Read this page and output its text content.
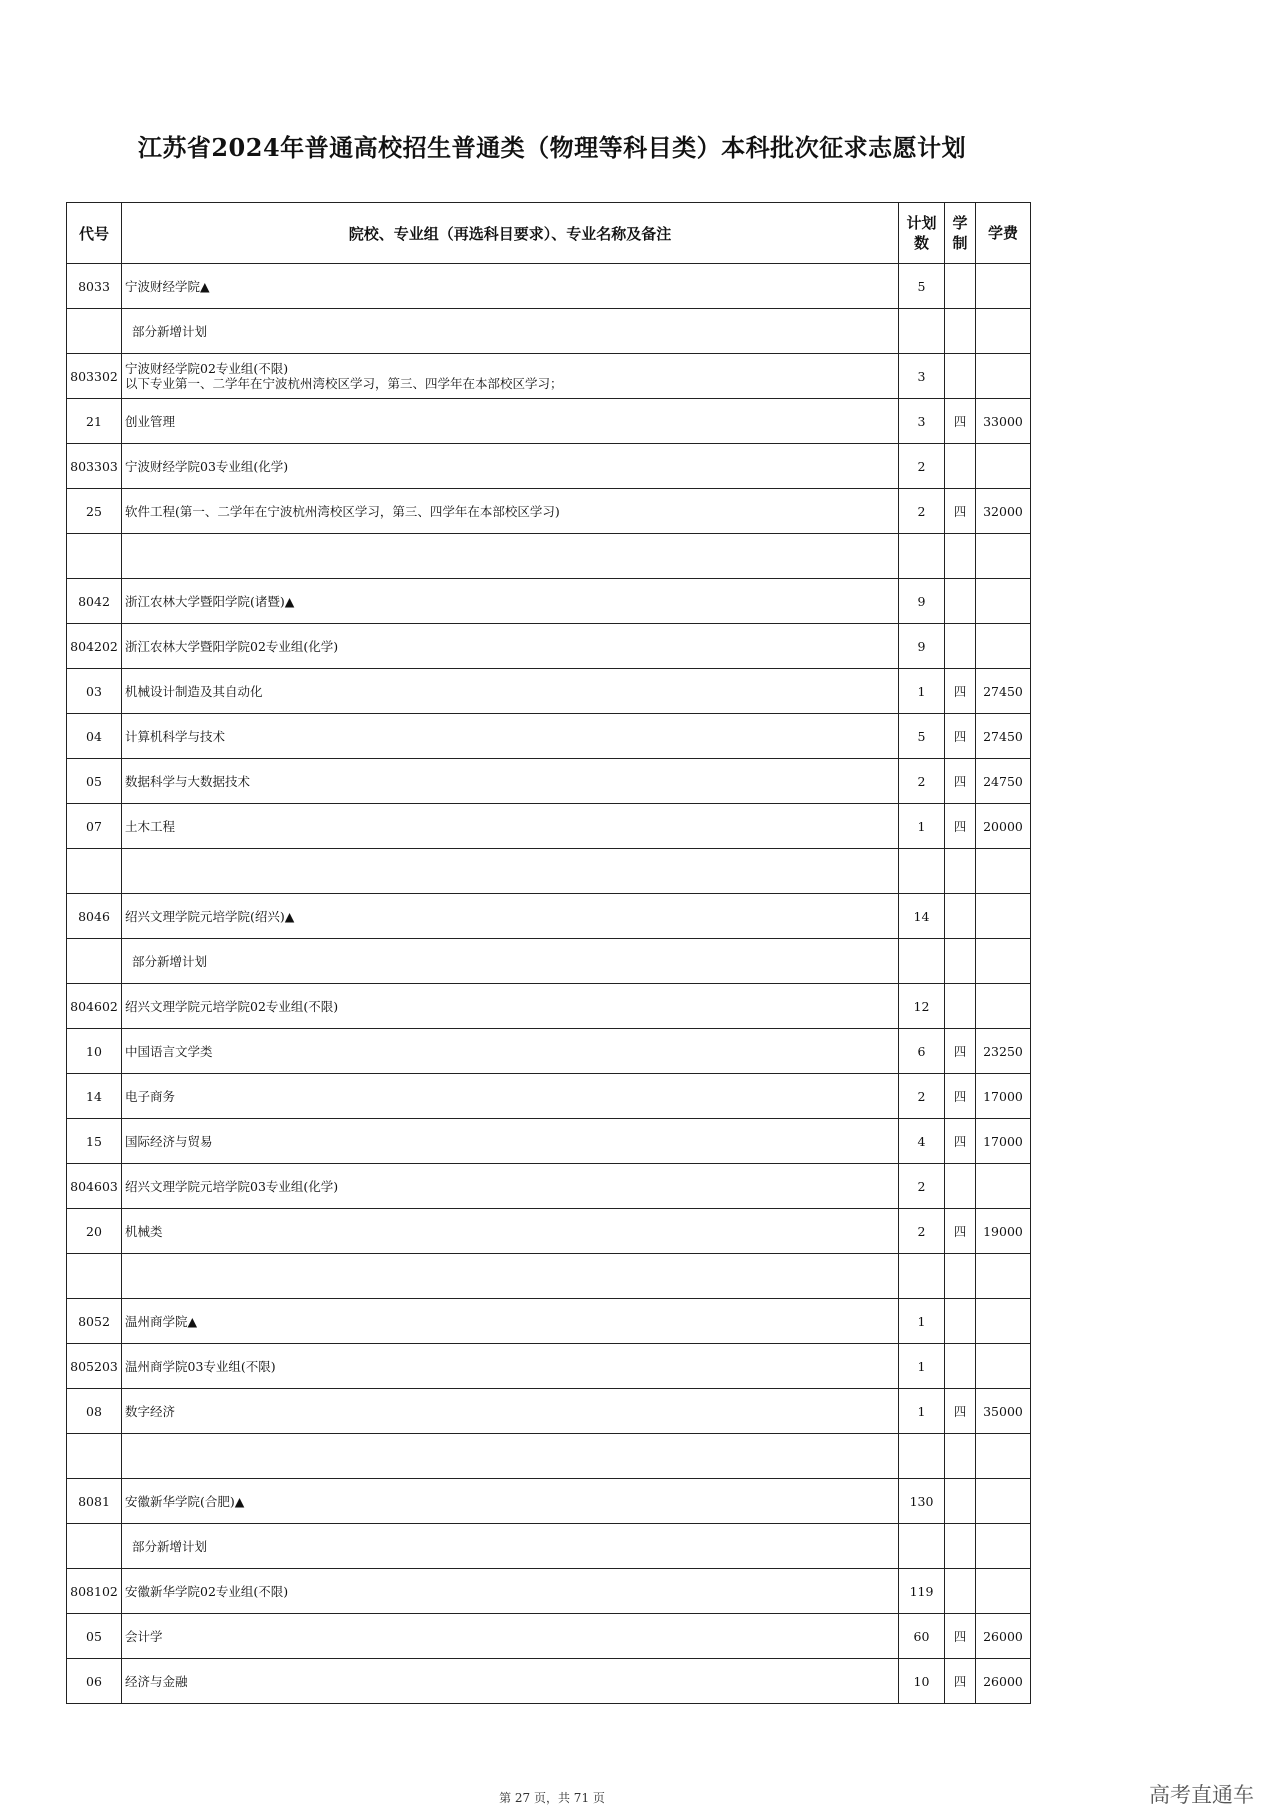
江苏省2024年普通高校招生普通类（物理等科目类）本科批次征求志愿计划
代号	院校、专业组（再选科目要求）、专业名称及备注	计划数	学制	学费
8033	宁波财经学院▲	5		

	部分新增计划			

803302	宁波财经学院02专业组(不限)
以下专业第一、二学年在宁波杭州湾校区学习，第三、四学年在本部校区学习；	3		
21	创业管理	3	四	33000
803303	宁波财经学院03专业组(化学)	2		
25	软件工程(第一、二学年在宁波杭州湾校区学习，第三、四学年在本部校区学习)	2	四	32000

8042	浙江农林大学暨阳学院(诸暨)▲	9		
804202	浙江农林大学暨阳学院02专业组(化学)	9		
03	机械设计制造及其自动化	1	四	27450
04	计算机科学与技术	5	四	27450
05	数据科学与大数据技术	2	四	24750
07	土木工程	1	四	20000

8046	绍兴文理学院元培学院(绍兴)▲	14		

	部分新增计划			

804602	绍兴文理学院元培学院02专业组(不限)	12		
10	中国语言文学类	6	四	23250
14	电子商务	2	四	17000
15	国际经济与贸易	4	四	17000
804603	绍兴文理学院元培学院03专业组(化学)	2		
20	机械类	2	四	19000

8052	温州商学院▲	1		
805203	温州商学院03专业组(不限)	1		
08	数字经济	1	四	35000

8081	安徽新华学院(合肥)▲	130		

	部分新增计划			

808102	安徽新华学院02专业组(不限)	119		
05	会计学	60	四	26000
06	经济与金融	10	四	26000
第 27 页，共 71 页	高考直通车
